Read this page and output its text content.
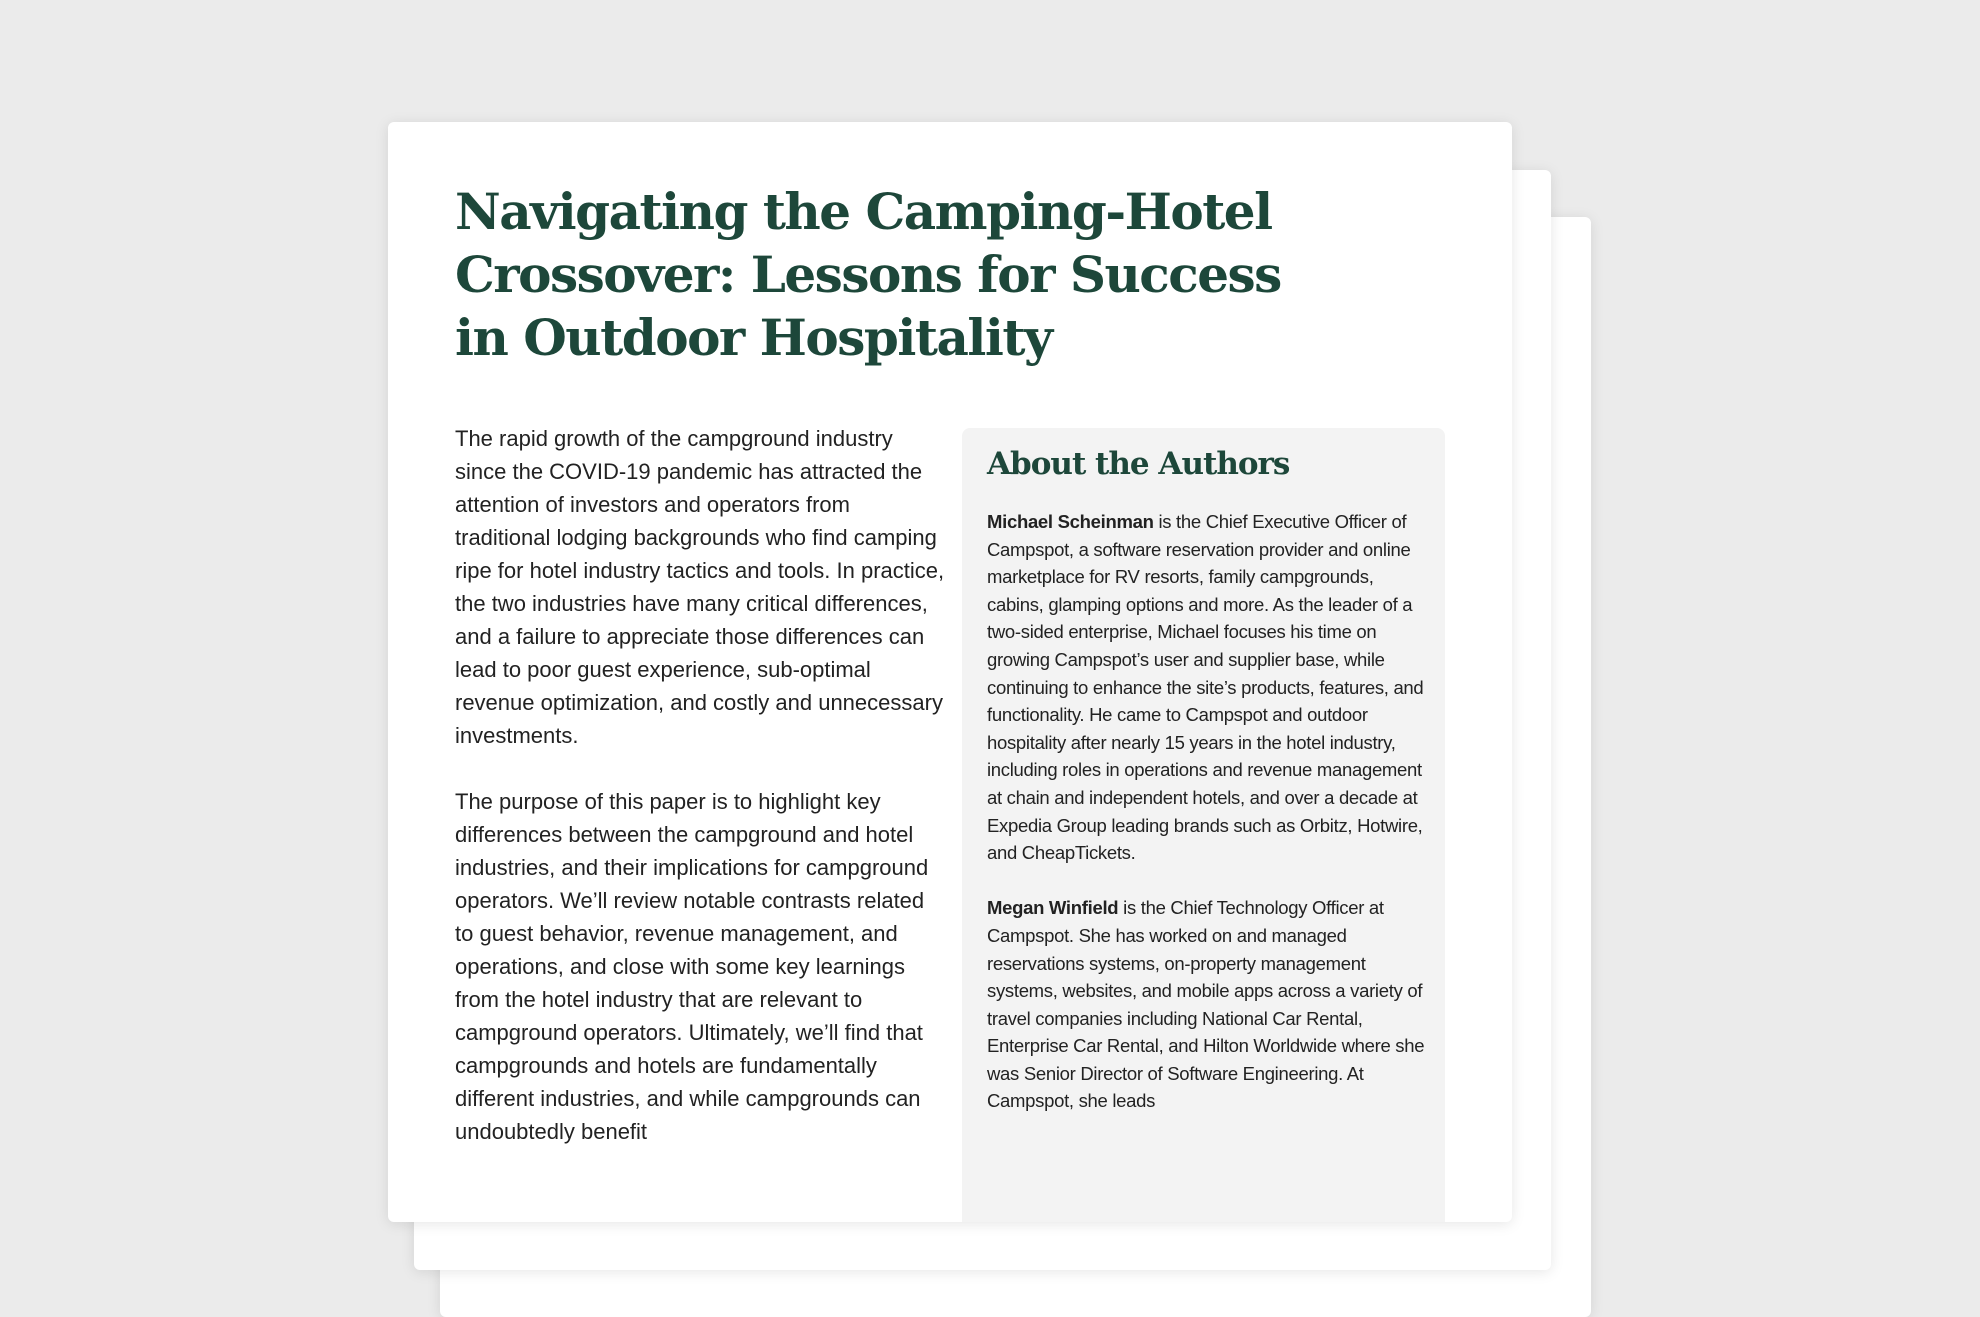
Navigating the Camping-Hotel
Crossover: Lessons for Success
in Outdoor Hospitality

The rapid growth of the campground industry since the COVID-19 pandemic has attracted the attention of investors and operators from traditional lodging backgrounds who find camping ripe for hotel industry tactics and tools. In practice, the two industries have many critical differences, and a failure to appreciate those differences can lead to poor guest experience, sub-optimal revenue optimization, and costly and unnecessary investments.

The purpose of this paper is to highlight key differences between the campground and hotel industries, and their implications for campground operators. We’ll review notable contrasts related to guest behavior, revenue management, and operations, and close with some key learnings from the hotel industry that are relevant to campground operators. Ultimately, we’ll find that campgrounds and hotels are fundamentally different industries, and while campgrounds can undoubtedly benefit

About the Authors

Michael Scheinman is the Chief Executive Officer of Campspot, a software reservation provider and online marketplace for RV resorts, family campgrounds, cabins, glamping options and more. As the leader of a two-sided enterprise, Michael focuses his time on growing Campspot’s user and supplier base, while continuing to enhance the site’s products, features, and functionality. He came to Campspot and outdoor hospitality after nearly 15 years in the hotel industry, including roles in operations and revenue management at chain and independent hotels, and over a decade at Expedia Group leading brands such as Orbitz, Hotwire, and CheapTickets.

Megan Winfield is the Chief Technology Officer at Campspot. She has worked on and managed reservations systems, on-property management systems, websites, and mobile apps across a variety of travel companies including National Car Rental, Enterprise Car Rental, and Hilton Worldwide where she was Senior Director of Software Engineering. At Campspot, she leads
